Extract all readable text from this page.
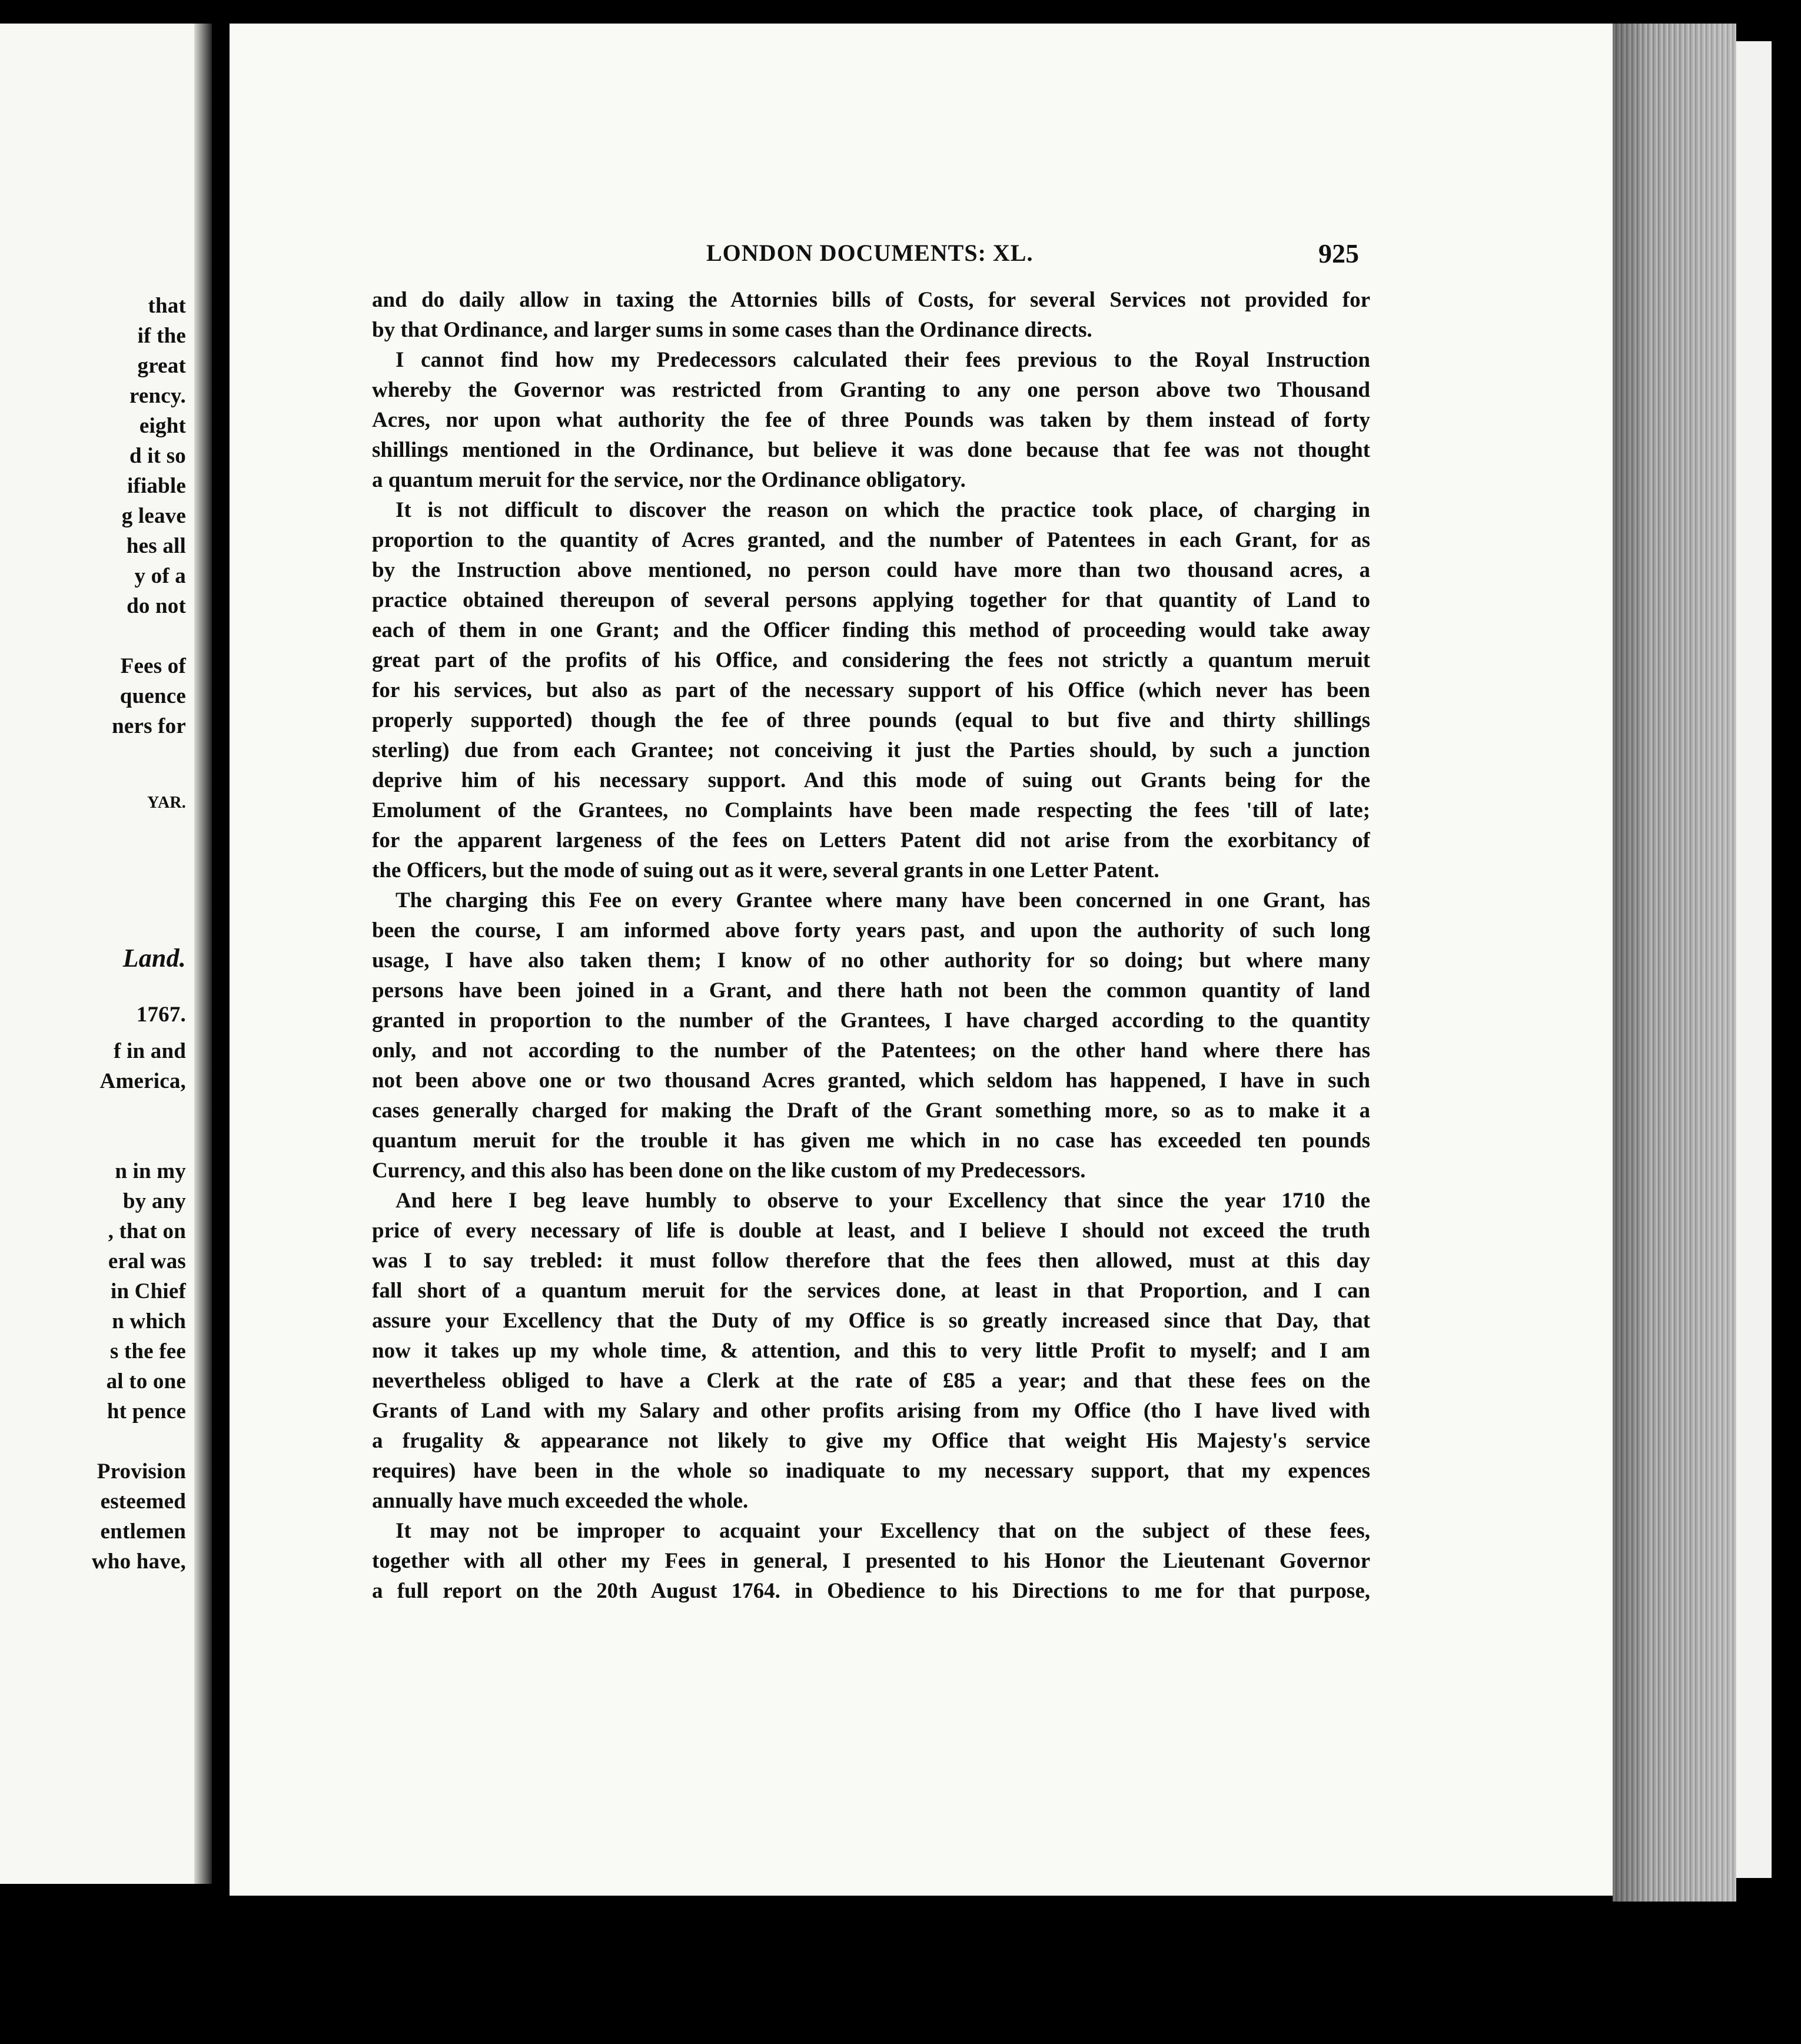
that
if the
great
rency.
eight
d it so
ifiable
g leave
hes all
y of a
do not
Fees of
quence
ners for
YAR.
Land.
1767.
f in and
America,
n in my
by any
, that on
eral was
in Chief
n which
s the fee
al to one
ht pence
Provision
esteemed
entlemen
who have,
LONDON DOCUMENTS: XL.	925
and do daily allow in taxing the Attornies bills of Costs, for several Services not provided for
by that Ordinance, and larger sums in some cases than the Ordinance directs.
I cannot find how my Predecessors calculated their fees previous to the Royal Instruction
whereby the Governor was restricted from Granting to any one person above two Thousand
Acres, nor upon what authority the fee of three Pounds was taken by them instead of forty
shillings mentioned in the Ordinance, but believe it was done because that fee was not thought
a quantum meruit for the service, nor the Ordinance obligatory.
It is not difficult to discover the reason on which the practice took place, of charging in
proportion to the quantity of Acres granted, and the number of Patentees in each Grant, for as
by the Instruction above mentioned, no person could have more than two thousand acres, a
practice obtained thereupon of several persons applying together for that quantity of Land to
each of them in one Grant; and the Officer finding this method of proceeding would take away
great part of the profits of his Office, and considering the fees not strictly a quantum meruit
for his services, but also as part of the necessary support of his Office (which never has been
properly supported) though the fee of three pounds (equal to but five and thirty shillings
sterling) due from each Grantee; not conceiving it just the Parties should, by such a junction
deprive him of his necessary support. And this mode of suing out Grants being for the
Emolument of the Grantees, no Complaints have been made respecting the fees 'till of late;
for the apparent largeness of the fees on Letters Patent did not arise from the exorbitancy of
the Officers, but the mode of suing out as it were, several grants in one Letter Patent.
The charging this Fee on every Grantee where many have been concerned in one Grant, has
been the course, I am informed above forty years past, and upon the authority of such long
usage, I have also taken them; I know of no other authority for so doing; but where many
persons have been joined in a Grant, and there hath not been the common quantity of land
granted in proportion to the number of the Grantees, I have charged according to the quantity
only, and not according to the number of the Patentees; on the other hand where there has
not been above one or two thousand Acres granted, which seldom has happened, I have in such
cases generally charged for making the Draft of the Grant something more, so as to make it a
quantum meruit for the trouble it has given me which in no case has exceeded ten pounds
Currency, and this also has been done on the like custom of my Predecessors.
And here I beg leave humbly to observe to your Excellency that since the year 1710 the
price of every necessary of life is double at least, and I believe I should not exceed the truth
was I to say trebled: it must follow therefore that the fees then allowed, must at this day
fall short of a quantum meruit for the services done, at least in that Proportion, and I can
assure your Excellency that the Duty of my Office is so greatly increased since that Day, that
now it takes up my whole time, & attention, and this to very little Profit to myself; and I am
nevertheless obliged to have a Clerk at the rate of £85 a year; and that these fees on the
Grants of Land with my Salary and other profits arising from my Office (tho I have lived with
a frugality & appearance not likely to give my Office that weight His Majesty's service
requires) have been in the whole so inadiquate to my necessary support, that my expences
annually have much exceeded the whole.
It may not be improper to acquaint your Excellency that on the subject of these fees,
together with all other my Fees in general, I presented to his Honor the Lieutenant Governor
a full report on the 20th August 1764. in Obedience to his Directions to me for that purpose,
